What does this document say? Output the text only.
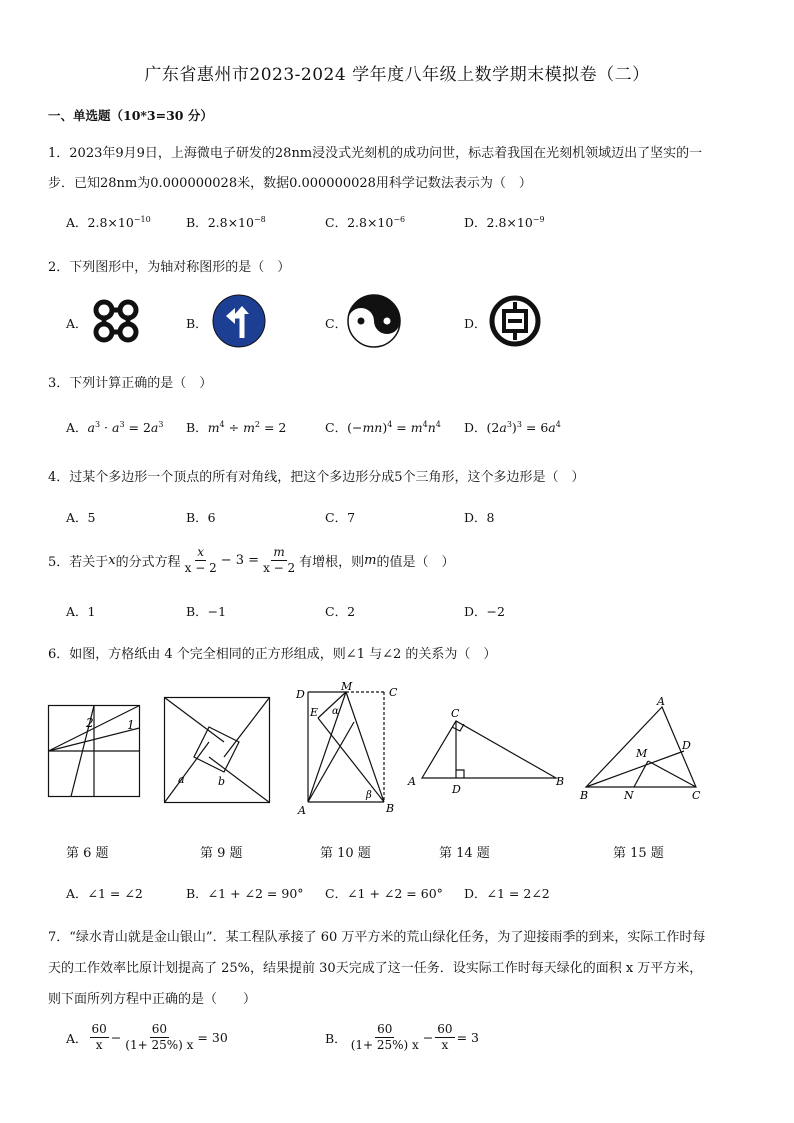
广东省惠州市2023-2024 学年度八年级上数学期末模拟卷（二）
一、单选题（10*3=30 分）
1．2023年9月9日，上海微电子研发的28nm浸没式光刻机的成功问世，标志着我国在光刻机领域迈出了坚实的一
步．已知28nm为0.000000028米，数据0.000000028用科学记数法表示为（　）
A．$2.8\times 10^{-10}$	B．$2.8\times 10^{-8}$	C．$2.8\times 10^{-6}$	D．$2.8\times 10^{-9}$
2．下列图形中，为轴对称图形的是（　）
A．	B．	C．	D．
3．下列计算正确的是（　）
A．$a^3 \cdot a^3 = 2a^3$ B．$m^4 \div m^2 = 2$	C．$(-mn)^4 = m^4n^4$ D．$(2a^3)^3 = 6a^4$
4．过某个多边形一个顶点的所有对角线，把这个多边形分成5个三角形，这个多边形是（　）
A．5	B．6	C．7	D．8
5．若关于 x 的分式方程 $\frac{x}{x - 2} - 3 = \frac{m}{x - 2}$ 有增根，则 m 的值是（　）
A．1	B．−1	C．2	D．−2
6．如图，方格纸由 4 个完全相同的正方形组成，则∠1 与∠2 的关系为（　）
2	1
a	b
D
M	C
E α
β
A	B
C
A
D
B
A
D
M
B	N	C
第 6 题	第 9 题	第 10 题	第 14 题	第 15 题
A．∠1 = ∠2	B．∠1 + ∠2 = 90° C．∠1 + ∠2 = 60° D．∠1 = 2∠2
7．“绿水青山就是金山银山”．某工程队承接了 60 万平方米的荒山绿化任务，为了迎接雨季的到来，实际工作时每
天的工作效率比原计划提高了 25%，结果提前 30天完成了这一任务．设实际工作时每天绿化的面积 x 万平方米，
则下面所列方程中正确的是（　　）
A． $\frac{60}{x} - \frac{60}{(1+ 25\%) x} = 30$	B． $\frac{60}{(1+ 25\%) x} - \frac{60}{x} = 3$
